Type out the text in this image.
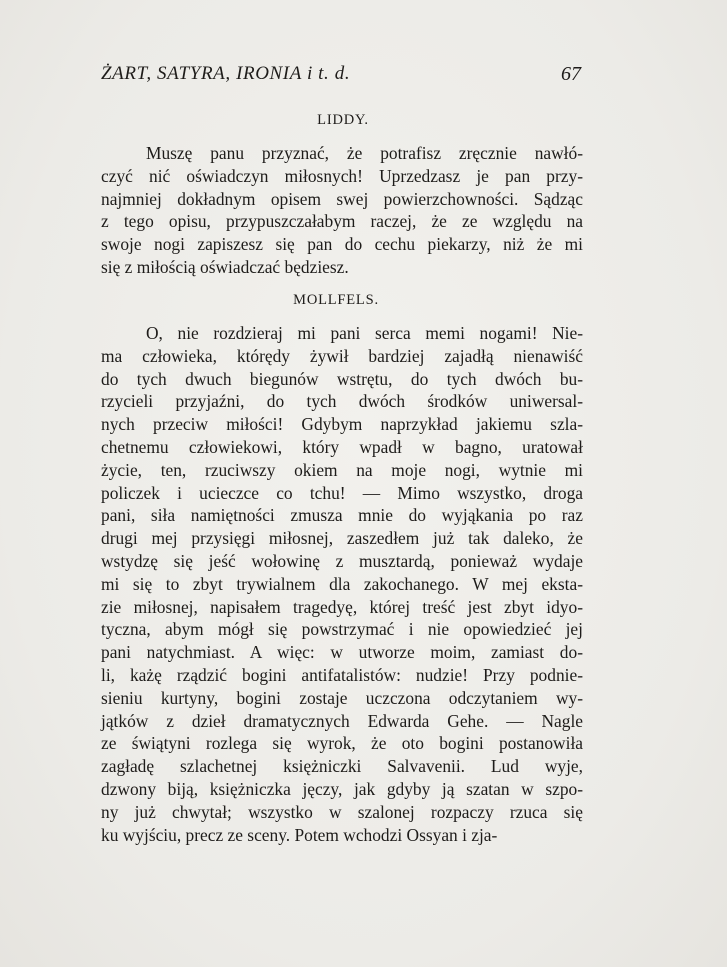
ŻART, SATYRA, IRONIA i t. d.	67
LIDDY.
Muszę panu przyznać, że potrafisz zręcznie nawłó-
czyć nić oświadczyn miłosnych! Uprzedzasz je pan przy-
najmniej dokładnym opisem swej powierzchowności. Sądząc
z tego opisu, przypuszczałabym raczej, że ze względu na
swoje nogi zapiszesz się pan do cechu piekarzy, niż że mi
się z miłością oświadczać będziesz.
MOLLFELS.
O, nie rozdzieraj mi pani serca memi nogami! Nie-
ma człowieka, którędy żywił bardziej zajadłą nienawiść
do tych dwuch biegunów wstrętu, do tych dwóch bu-
rzycieli przyjaźni, do tych dwóch środków uniwersal-
nych przeciw miłości! Gdybym naprzykład jakiemu szla-
chetnemu człowiekowi, który wpadł w bagno, uratował
życie, ten, rzuciwszy okiem na moje nogi, wytnie mi
policzek i ucieczce co tchu! — Mimo wszystko, droga
pani, siła namiętności zmusza mnie do wyjąkania po raz
drugi mej przysięgi miłosnej, zaszedłem już tak daleko, że
wstydzę się jeść wołowinę z musztardą, ponieważ wydaje
mi się to zbyt trywialnem dla zakochanego. W mej ekstа-
zie miłosnej, napisałem tragedyę, której treść jest zbyt idyo-
tyczna, abym mógł się powstrzymać i nie opowiedzieć jej
pani natychmiast. A więc: w utworze moim, zamiast do-
li, każę rządzić bogini antifatalistów: nudzie! Przy podnie-
sieniu kurtyny, bogini zostaje uczczona odczytaniem wy-
jątków z dzieł dramatycznych Edwarda Gehe. — Nagle
ze świątyni rozlega się wyrok, że oto bogini postanowiła
zagładę szlachetnej księżniczki Salvavenii. Lud wyje,
dzwony biją, księżniczka jęczy, jak gdyby ją szatan w szpo-
ny już chwytał; wszystko w szalonej rozpaczy rzuca się
ku wyjściu, precz ze sceny. Potem wchodzi Ossyan i zja-
